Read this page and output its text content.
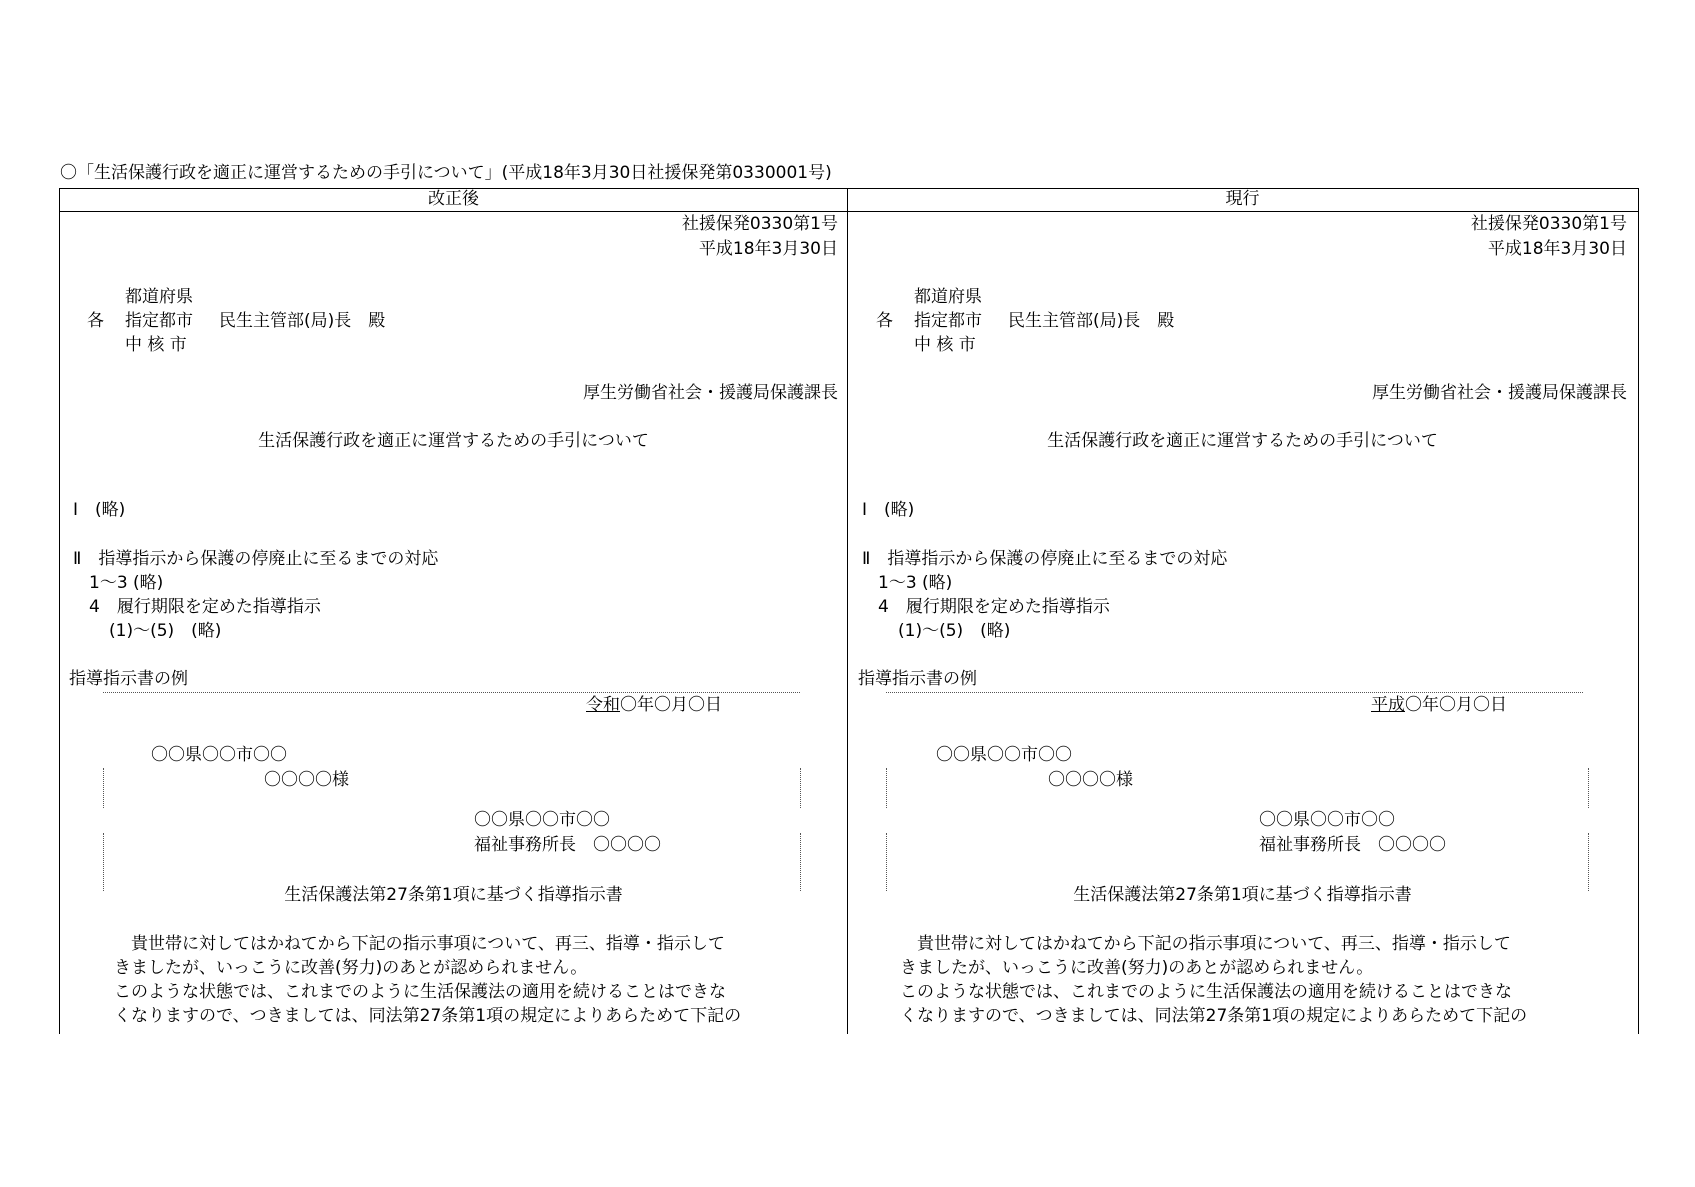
〇「生活保護行政を適正に運営するための手引について」(平成18年3月30日社援保発第0330001号)
改正後
社援保発0330第1号
平成18年3月30日
都道府県
各 指定都市 民生主管部(局)長　殿
中 核 市
厚生労働省社会・援護局保護課長
生活保護行政を適正に運営するための手引について
Ⅰ　(略)
Ⅱ　指導指示から保護の停廃止に至るまでの対応
1～3 (略)
4　履行期限を定めた指導指示
(1)～(5)　(略)
指導指示書の例
令和〇年〇月〇日
〇〇県〇〇市〇〇
〇〇〇〇様
〇〇県〇〇市〇〇
福祉事務所長　〇〇〇〇
生活保護法第27条第1項に基づく指導指示書
　貴世帯に対してはかねてから下記の指示事項について、再三、指導・指示して
きましたが、いっこうに改善(努力)のあとが認められません。
このような状態では、これまでのように生活保護法の適用を続けることはできな
くなりますので、つきましては、同法第27条第1項の規定によりあらためて下記の
現行
社援保発0330第1号
平成18年3月30日
都道府県
各 指定都市 民生主管部(局)長　殿
中 核 市
厚生労働省社会・援護局保護課長
生活保護行政を適正に運営するための手引について
Ⅰ　(略)
Ⅱ　指導指示から保護の停廃止に至るまでの対応
1～3 (略)
4　履行期限を定めた指導指示
(1)～(5)　(略)
指導指示書の例
平成〇年〇月〇日
〇〇県〇〇市〇〇
〇〇〇〇様
〇〇県〇〇市〇〇
福祉事務所長　〇〇〇〇
生活保護法第27条第1項に基づく指導指示書
　貴世帯に対してはかねてから下記の指示事項について、再三、指導・指示して
きましたが、いっこうに改善(努力)のあとが認められません。
このような状態では、これまでのように生活保護法の適用を続けることはできな
くなりますので、つきましては、同法第27条第1項の規定によりあらためて下記の
